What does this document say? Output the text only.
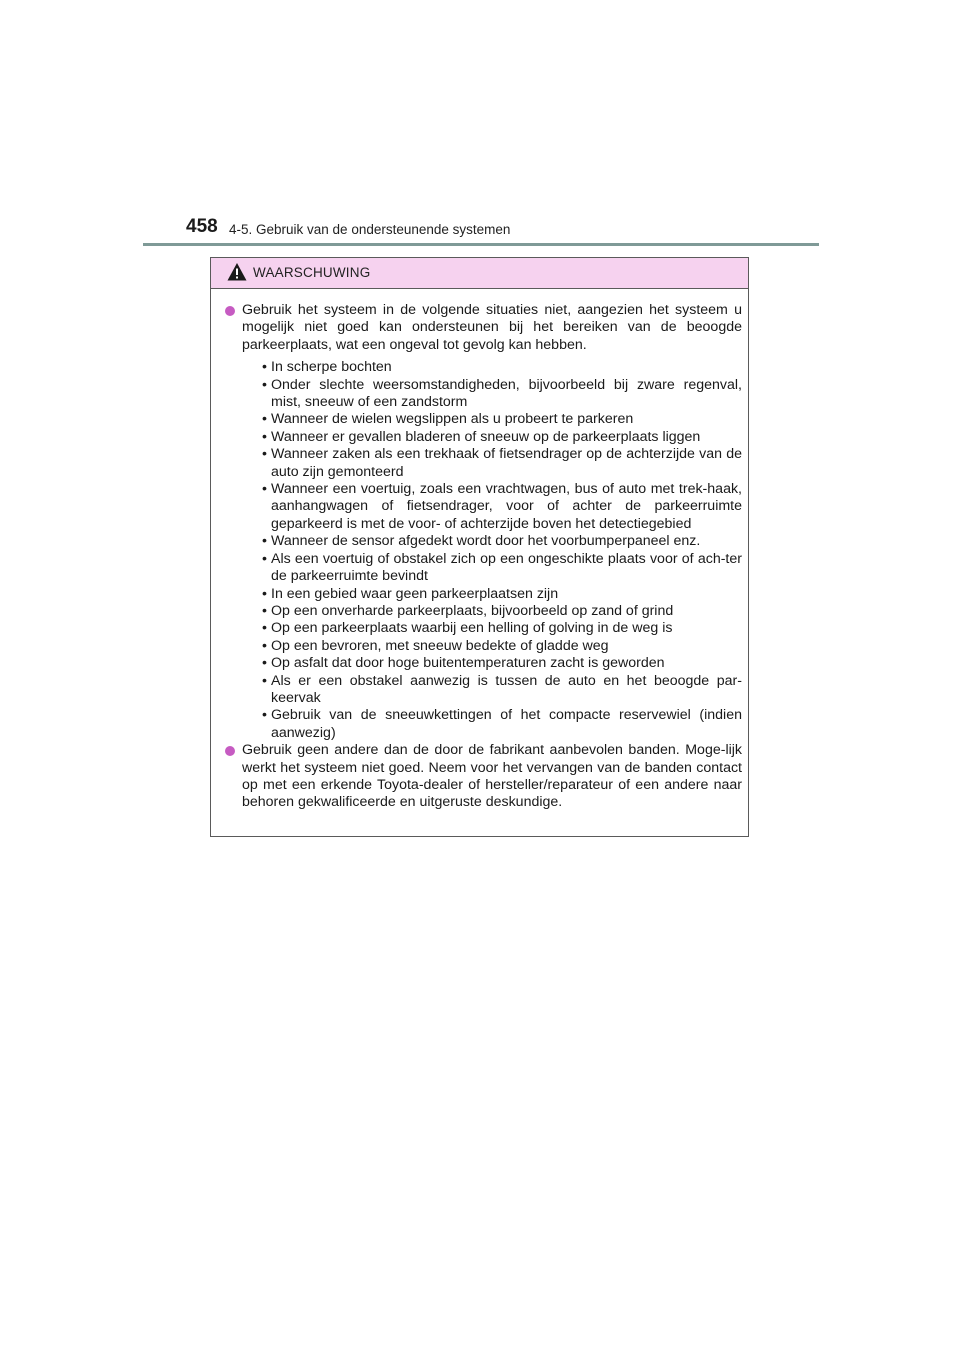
458 4-5. Gebruik van de ondersteunende systemen
WAARSCHUWING
Gebruik het systeem in de volgende situaties niet, aangezien het systeem u mogelijk niet goed kan ondersteunen bij het bereiken van de beoogde parkeerplaats, wat een ongeval tot gevolg kan hebben.
• In scherpe bochten
• Onder slechte weersomstandigheden, bijvoorbeeld bij zware regenval, mist, sneeuw of een zandstorm
• Wanneer de wielen wegslippen als u probeert te parkeren
• Wanneer er gevallen bladeren of sneeuw op de parkeerplaats liggen
• Wanneer zaken als een trekhaak of fietsendrager op de achterzijde van de auto zijn gemonteerd
• Wanneer een voertuig, zoals een vrachtwagen, bus of auto met trek-haak, aanhangwagen of fietsendrager, voor of achter de parkeerruimte geparkeerd is met de voor- of achterzijde boven het detectiegebied
• Wanneer de sensor afgedekt wordt door het voorbumperpaneel enz.
• Als een voertuig of obstakel zich op een ongeschikte plaats voor of ach-ter de parkeerruimte bevindt
• In een gebied waar geen parkeerplaatsen zijn
• Op een onverharde parkeerplaats, bijvoorbeeld op zand of grind
• Op een parkeerplaats waarbij een helling of golving in de weg is
• Op een bevroren, met sneeuw bedekte of gladde weg
• Op asfalt dat door hoge buitentemperaturen zacht is geworden
• Als er een obstakel aanwezig is tussen de auto en het beoogde par-keervak
• Gebruik van de sneeuwkettingen of het compacte reservewiel (indien aanwezig)
Gebruik geen andere dan de door de fabrikant aanbevolen banden. Moge-lijk werkt het systeem niet goed. Neem voor het vervangen van de banden contact op met een erkende Toyota-dealer of hersteller/reparateur of een andere naar behoren gekwalificeerde en uitgeruste deskundige.
